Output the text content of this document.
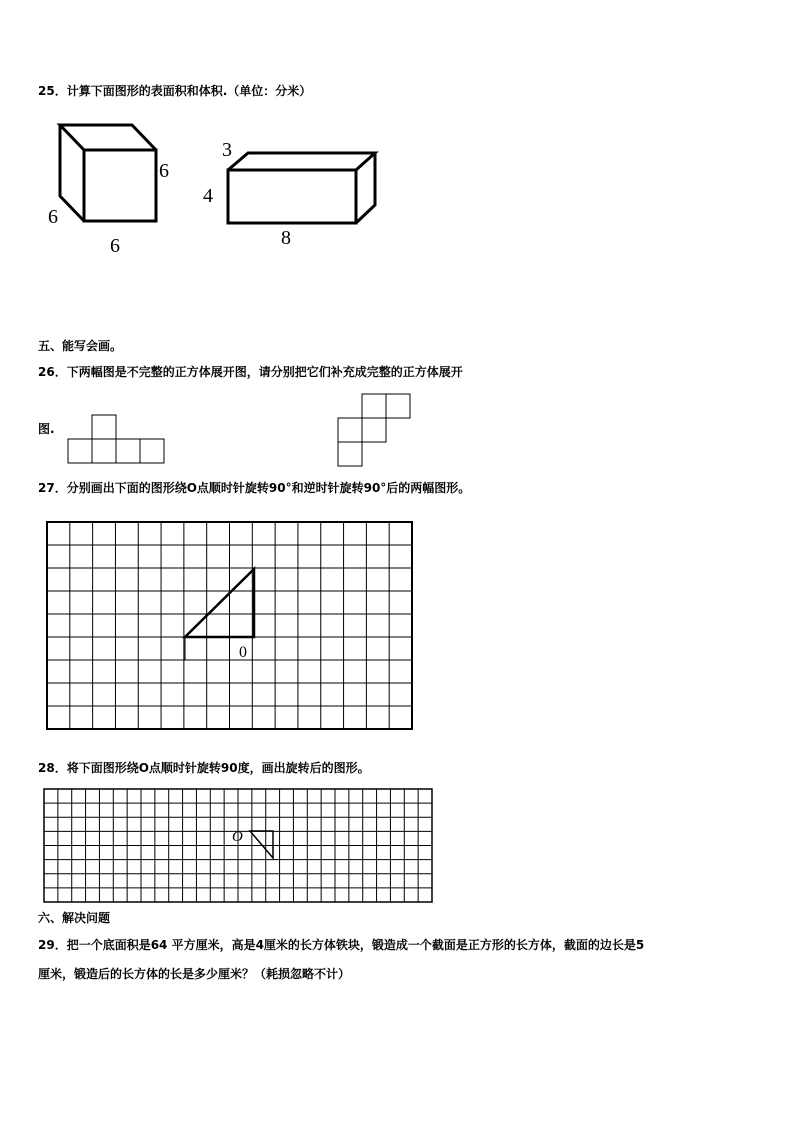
25．计算下面图形的表面积和体积.（单位：分米）
6
6
6
3
4
8
五、能写会画。
26．下两幅图是不完整的正方体展开图，请分别把它们补充成完整的正方体展开
图.
27．分别画出下面的图形绕O点顺时针旋转90°和逆时针旋转90°后的两幅图形。
0
28．将下面图形绕O点顺时针旋转90度，画出旋转后的图形。
O
六、解决问题
29．把一个底面积是64 平方厘米，高是4厘米的长方体铁块，锻造成一个截面是正方形的长方体，截面的边长是5
厘米，锻造后的长方体的长是多少厘米？（耗损忽略不计）
